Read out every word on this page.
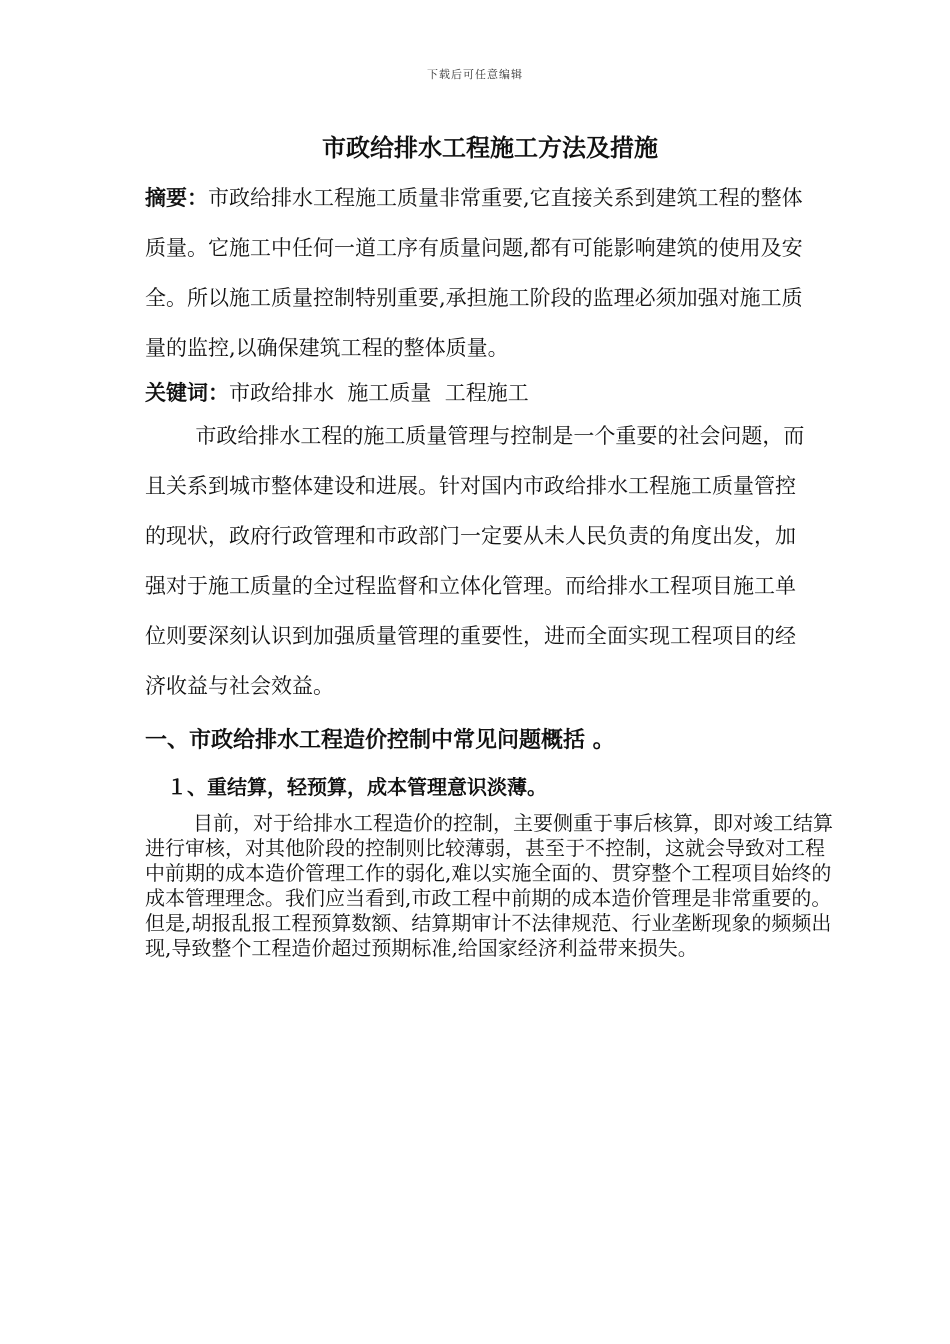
下载后可任意编辑
市政给排水工程施工方法及措施

摘要：市政给排水工程施工质量非常重要,它直接关系到建筑工程的整体质量。它施工中任何一道工序有质量问题,都有可能影响建筑的使用及安全。所以施工质量控制特别重要,承担施工阶段的监理必须加强对施工质量的监控,以确保建筑工程的整体质量。

关键词：市政给排水  施工质量  工程施工

市政给排水工程的施工质量管理与控制是一个重要的社会问题，而且关系到城市整体建设和进展。针对国内市政给排水工程施工质量管控的现状，政府行政管理和市政部门一定要从未人民负责的角度出发，加强对于施工质量的全过程监督和立体化管理。而给排水工程项目施工单位则要深刻认识到加强质量管理的重要性，进而全面实现工程项目的经济收益与社会效益。

一、市政给排水工程造价控制中常见问题概括 。
１、重结算，轻预算，成本管理意识淡薄。

目前，对于给排水工程造价的控制，主要侧重于事后核算，即对竣工结算进行审核，对其他阶段的控制则比较薄弱，甚至于不控制，这就会导致对工程中前期的成本造价管理工作的弱化,难以实施全面的、贯穿整个工程项目始终的成本管理理念。我们应当看到,市政工程中前期的成本造价管理是非常重要的。但是,胡报乱报工程预算数额、结算期审计不法律规范、行业垄断现象的频频出现,导致整个工程造价超过预期标准,给国家经济利益带来损失。
